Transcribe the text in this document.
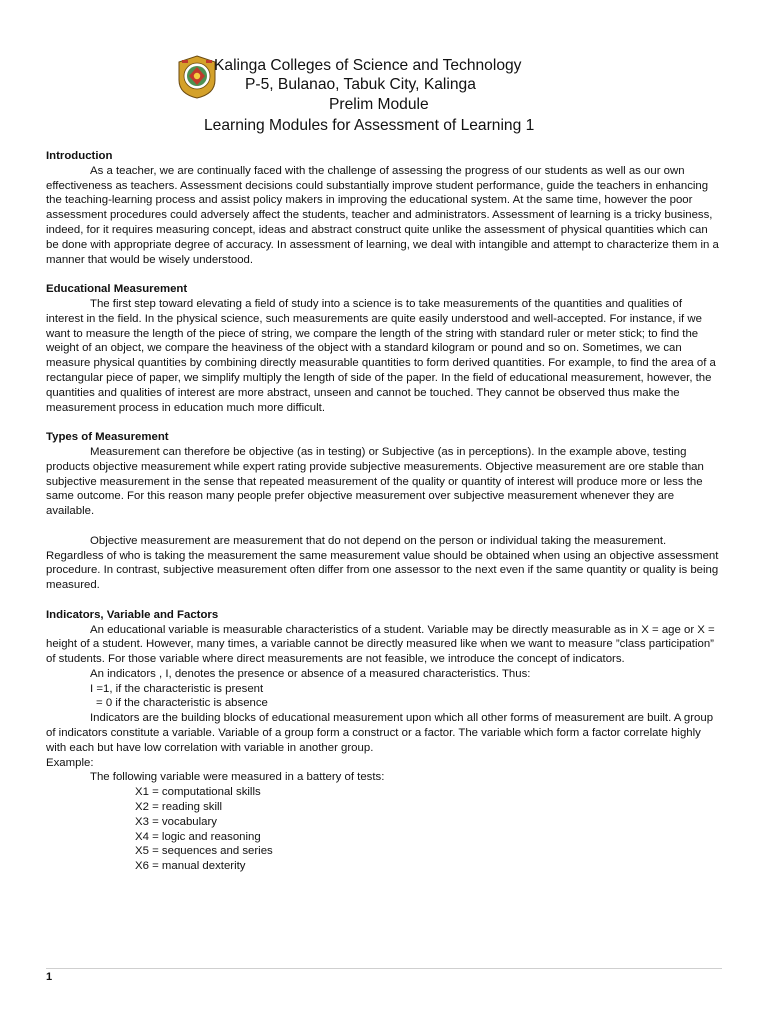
Kalinga Colleges of Science and Technology
P-5, Bulanao, Tabuk City, Kalinga
Prelim Module
Learning Modules for Assessment of Learning 1
Introduction

As a teacher, we are continually faced with the challenge of assessing the progress of our students as well as our own effectiveness as teachers. Assessment decisions could substantially improve student performance, guide the teachers in enhancing the teaching-learning process and assist policy makers in improving the educational system. At the same time, however the poor assessment procedures could adversely affect the students, teacher and administrators. Assessment of learning is a tricky business, indeed, for it requires measuring concept, ideas and abstract construct quite unlike the assessment of physical quantities which can be done with appropriate degree of accuracy. In assessment of learning, we deal with intangible and attempt to characterize them in a manner that would be wisely understood.

Educational Measurement

The first step toward elevating a field of study into a science is to take measurements of the quantities and qualities of interest in the field. In the physical science, such measurements are quite easily understood and well-accepted. For instance, if we want to measure the length of the piece of string, we compare the length of the string with standard ruler or meter stick; to find the weight of an object, we compare the heaviness of the object with a standard kilogram or pound and so on. Sometimes, we can measure physical quantities by combining directly measurable quantities to form derived quantities. For example, to find the area of a rectangular piece of paper, we simplify multiply the length of side of the paper. In the field of educational measurement, however, the quantities and qualities of interest are more abstract, unseen and cannot be touched. They cannot be observed thus make the measurement process in education much more difficult.

Types of Measurement

Measurement can therefore be objective (as in testing) or Subjective (as in perceptions). In the example above, testing products objective measurement while expert rating provide subjective measurements. Objective measurement are ore stable than subjective measurement in the sense that repeated measurement of the quality or quantity of interest will produce more or less the same outcome. For this reason many people prefer objective measurement over subjective measurement whenever they are available.

Objective measurement are measurement that do not depend on the person or individual taking the measurement. Regardless of who is taking the measurement the same measurement value should be obtained when using an objective assessment procedure. In contrast, subjective measurement often differ from one assessor to the next even if the same quantity or quality is being measured.

Indicators, Variable and Factors

An educational variable is measurable characteristics of a student. Variable may be directly measurable as in X = age or X = height of a student. However, many times, a variable cannot be directly measured like when we want to measure ”class participation” of students. For those variable where direct measurements are not feasible, we introduce the concept of indicators.

An indicators , I, denotes the presence or absence of a measured characteristics. Thus:

I =1, if the characteristic is present

= 0 if the characteristic is absence

Indicators are the building blocks of educational measurement upon which all other forms of measurement are built. A group of indicators constitute a variable. Variable of a group form a construct or a factor. The variable which form a factor correlate highly with each but have low correlation with variable in another group.

Example:

The following variable were measured in a battery of tests:

X1 = computational skills

X2 = reading skill

X3 = vocabulary

X4 = logic and reasoning

X5 = sequences and series

X6 = manual dexterity

1
